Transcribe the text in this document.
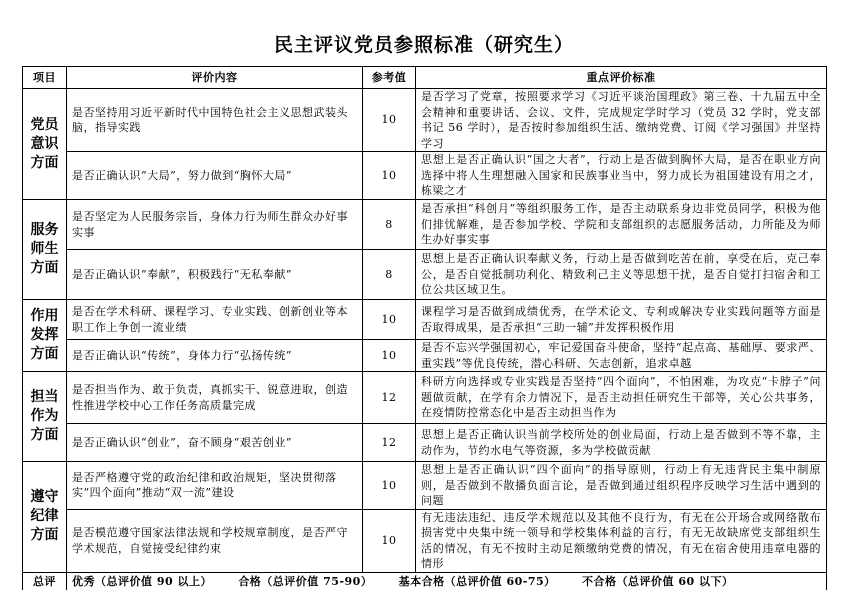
民主评议党员参照标准（研究生）
项目	评价内容	参考值	重点评价标准

党员
意识
方面	是否坚持用习近平新时代中国特色社会主义思想武装头脑，指导实践	10	是否学习了党章，按照要求学习《习近平谈治国理政》第三卷、十九届五中全会精神和重要讲话、会议、文件，完成规定学时学习（党员 32 学时，党支部书记 56 学时），是否按时参加组织生活、缴纳党费、订阅《学习强国》并坚持学习
	是否正确认识“大局”，努力做到“胸怀大局”	10	思想上是否正确认识“国之大者”，行动上是否做到胸怀大局，是否在职业方向选择中将人生理想融入国家和民族事业当中，努力成长为祖国建设有用之才，栋梁之才

服务
师生
方面	是否坚定为人民服务宗旨，身体力行为师生群众办好事实事	8	是否承担“科创月”等组织服务工作，是否主动联系身边非党员同学，积极为他们排忧解难，是否参加学校、学院和支部组织的志愿服务活动，力所能及为师生办好事实事
	是否正确认识“奉献”，积极践行“无私奉献”	8	思想上是否正确认识奉献义务，行动上是否做到吃苦在前，享受在后，克己奉公，是否自觉抵制功利化、精致利己主义等思想干扰，是否自觉打扫宿舍和工位公共区域卫生。

作用
发挥
方面	是否在学术科研、课程学习、专业实践、创新创业等本职工作上争创一流业绩	10	课程学习是否做到成绩优秀，在学术论文、专利或解决专业实践问题等方面是否取得成果，是否承担“三助一辅”并发挥积极作用
	是否正确认识“传统”，身体力行“弘扬传统”	10	是否不忘兴学强国初心，牢记爱国奋斗使命，坚持“起点高、基础厚、要求严、重实践”等优良传统，潜心科研、矢志创新，追求卓越

担当
作为
方面	是否担当作为、敢于负责，真抓实干、锐意进取，创造性推进学校中心工作任务高质量完成	12	科研方向选择或专业实践是否坚持“四个面向”，不怕困难，为攻克“卡脖子”问题做贡献，在学有余力情况下，是否主动担任研究生干部等，关心公共事务，在疫情防控常态化中是否主动担当作为
	是否正确认识“创业”，奋不顾身“艰苦创业”	12	思想上是否正确认识当前学校所处的创业局面，行动上是否做到不等不靠，主动作为，节约水电气等资源，多为学校做贡献

遵守
纪律
方面	是否严格遵守党的政治纪律和政治规矩，坚决贯彻落实“四个面向”推动“双一流”建设	10	思想上是否正确认识“四个面向”的指导原则，行动上有无违背民主集中制原则，是否做到不散播负面言论，是否做到通过组织程序反映学习生活中遇到的问题
	是否模范遵守国家法律法规和学校规章制度，是否严守学术规范，自觉接受纪律约束	10	有无违法违纪、违反学术规范以及其他不良行为，有无在公开场合或网络散布损害党中央集中统一领导和学校集体利益的言行，有无无故缺席党支部组织生活的情况，有无不按时主动足额缴纳党费的情况，有无在宿舍使用违章电器的情形
总评	优秀（总评价值 90 以上） 合格（总评价值 75-90） 基本合格（总评价值 60-75） 不合格（总评价值 60 以下）		
